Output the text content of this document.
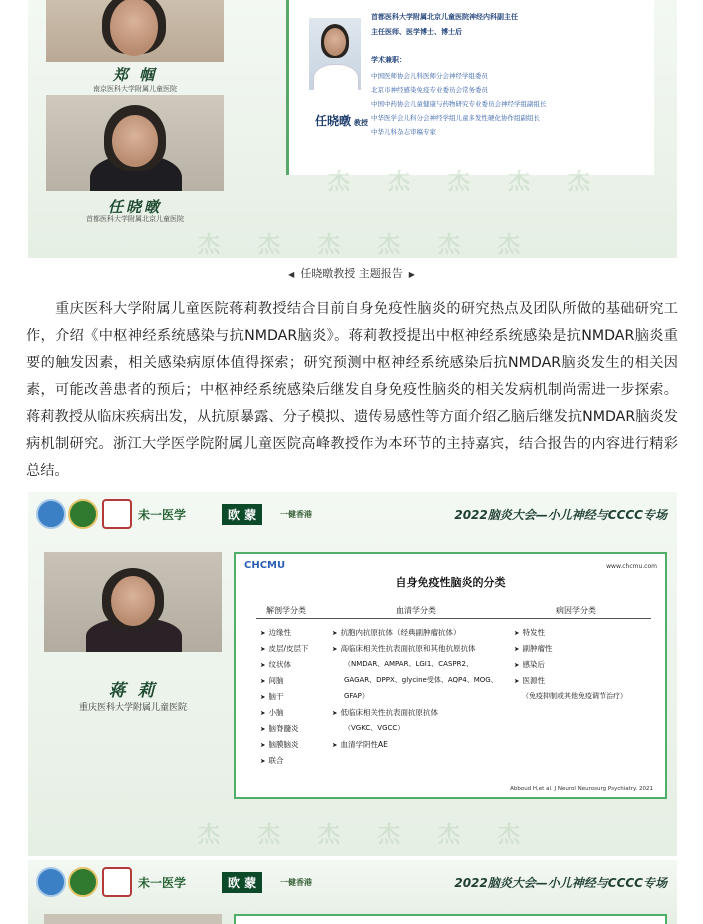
郑 帼
南京医科大学附属儿童医院
任晓暾
首都医科大学附属北京儿童医院
任晓暾 教授
首都医科大学附属北京儿童医院神经内科副主任
主任医师、医学博士、博士后
学术兼职：
中国医师协会儿科医师分会神经学组委员
北京市神经感染免疫专业委员会常务委员
中国中药协会儿童健康与药物研究专业委员会神经学组副组长
中华医学会儿科分会神经学组儿童多发性硬化协作组副组长
中华儿科杂志审稿专家
杰 杰 杰 杰 杰
杰 杰 杰 杰 杰 杰
◀ 任晓暾教授 主题报告 ▶

　　重庆医科大学附属儿童医院蒋莉教授结合目前自身免疫性脑炎的研究热点及团队所做的基础研究工作，介绍《中枢神经系统感染与抗NMDAR脑炎》。蒋莉教授提出中枢神经系统感染是抗NMDAR脑炎重要的触发因素，相关感染病原体值得探索；研究预测中枢神经系统感染后抗NMDAR脑炎发生的相关因素，可能改善患者的预后；中枢神经系统感染后继发自身免疫性脑炎的相关发病机制尚需进一步探索。蒋莉教授从临床疾病出发，从抗原暴露、分子模拟、遗传易感性等方面介绍乙脑后继发抗NMDAR脑炎发病机制研究。浙江大学医学院附属儿童医院高峰教授作为本环节的主持嘉宾，结合报告的内容进行精彩总结。

未一医学	欧 蒙	一健香港	2022脑炎大会—小儿神经与CCCC专场
蒋 莉
重庆医科大学附属儿童医院
CHCMU	www.chcmu.com
自身免疫性脑炎的分类
解剖学分类	血清学分类	病因学分类
➤ 边缘性
➤ 皮层/皮层下
➤ 纹状体
➤ 间脑
➤ 脑干
➤ 小脑
➤ 脑脊髓炎
➤ 脑膜脑炎
➤ 联合
➤ 抗胞内抗原抗体（经典副肿瘤抗体）
➤ 高临床相关性抗表面抗原和其他抗原抗体
（NMDAR、AMPAR、LGI1、CASPR2、
GAGAR、DPPX、glycine受体、AQP4、MOG、
GFAP）
➤ 低临床相关性抗表面抗原抗体
（VGKC、VGCC）
➤ 血清学阴性AE
➤ 特发性
➤ 副肿瘤性
➤ 感染后
➤ 医源性
（免疫抑制或其他免疫调节治疗）
Abboud H,et al. J Neurol Neurosurg Psychiatry. 2021
杰 杰 杰 杰 杰 杰
未一医学	欧 蒙	一健香港	2022脑炎大会—小儿神经与CCCC专场
